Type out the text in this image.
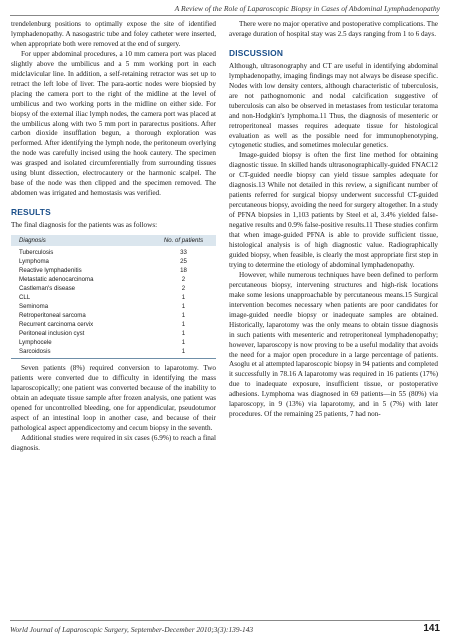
A Review of the Role of Laparoscopic Biopsy in Cases of Abdominal Lymphadenopathy

trendelenburg positions to optimally expose the site of identified lymphadenopathy. A nasogastric tube and foley catheter were inserted, when appropriate both were removed at the end of surgery.

For upper abdominal procedures, a 10 mm camera port was placed slightly above the umbilicus and a 5 mm working port in each midclavicular line. In addition, a self-retaining retractor was set up to retract the left lobe of liver. The para-aortic nodes were biopsied by placing the camera port to the right of the midline at the level of umbilicus and two working ports in the midline on either side. For biopsy of the external iliac lymph nodes, the camera port was placed at the umbilicus along with two 5 mm port in pararectus positions. After carbon dioxide insufflation begun, a thorough exploration was performed. After identifying the lymph node, the peritoneum overlying the node was carefully incised using the hook cautery. The specimen was grasped and isolated circumferentially from surrounding tissues using blunt dissection, electrocautery or the harmonic scalpel. The base of the node was then clipped and the specimen removed. The abdomen was irrigated and hemostasis was verified.

RESULTS

The final diagnosis for the patients was as follows:

Diagnosis	No. of patients
Tuberculosis	33
Lymphoma	25
Reactive lymphadenitis	18
Metastatic adenocarcinoma	2
Castleman's disease	2
CLL	1
Seminoma	1
Retroperitoneal sarcoma	1
Recurrent carcinoma cervix	1
Peritoneal inclusion cyst	1
Lymphocele	1
Sarcoidosis	1

Seven patients (8%) required conversion to laparotomy. Two patients were converted due to difficulty in identifying the mass laparoscopically; one patient was converted because of the inability to obtain an adequate tissue sample after frozen analysis, one patient was opened for uncontrolled bleeding, one for appendicular, pseudotumor aspect of an intestinal loop in another case, and because of their pathological aspect appendicectomy and cecum biopsy in the seventh.

Additional studies were required in six cases (6.9%) to reach a final diagnosis.

There were no major operative and postoperative complications. The average duration of hospital stay was 2.5 days ranging from 1 to 6 days.

DISCUSSION

Although, ultrasonography and CT are useful in identifying abdominal lymphadenopathy, imaging findings may not always be disease specific. Nodes with low density centers, although characteristic of tuberculosis, are not pathognomonic and nodal calcification suggestive of tuberculosis can also be observed in metastases from testicular teratoma and non-Hodgkin's lymphoma.11 Thus, the diagnosis of mesenteric or retroperitoneal masses requires adequate tissue for histological evaluation as well as the possible need for immunophenotyping, cytogenetic studies, and sometimes molecular genetics.

Image-guided biopsy is often the first line method for obtaining diagnostic tissue. In skilled hands ultrasonographically-guided FNAC12 or CT-guided needle biopsy can yield tissue samples adequate for diagnosis.13 While not detailed in this review, a significant number of patients referred for surgical biopsy underwent successful CT-guided percutaneous biopsy, avoiding the need for surgery altogether. In a study of PFNA biopsies in 1,103 patients by Steel et al, 3.4% yielded false-negative results and 0.9% false-positive results.11 These studies confirm that when image-guided PFNA is able to provide sufficient tissue, histological analysis is of high diagnostic value. Radiographically guided biopsy, when feasible, is clearly the most appropriate first step in trying to determine the etiology of abdominal lymphadenopathy.

However, while numerous techniques have been defined to perform percutaneous biopsy, intervening structures and high-risk locations make some lesions unapproachable by percutaneous means.15 Surgical intervention becomes necessary when patients are poor candidates for image-guided needle biopsy or inadequate samples are obtained. Historically, laparotomy was the only means to obtain tissue diagnosis in such patients with mesenteric and retroperitoneal lymphadenopathy; however, laparoscopy is now proving to be a useful modality that avoids the need for a major open procedure in a large percentage of patients. Asoglu et al attempted laparoscopic biopsy in 94 patients and completed it successfully in 78.16 A laparotomy was required in 16 patients (17%) due to inadequate exposure, insufficient tissue, or postoperative adhesions. Lymphoma was diagnosed in 69 patients—in 55 (80%) via laparoscopy, in 9 (13%) via laparotomy, and in 5 (7%) with later procedures. Of the remaining 25 patients, 7 had non-

World Journal of Laparoscopic Surgery, September-December 2010;3(3):139-143	141
